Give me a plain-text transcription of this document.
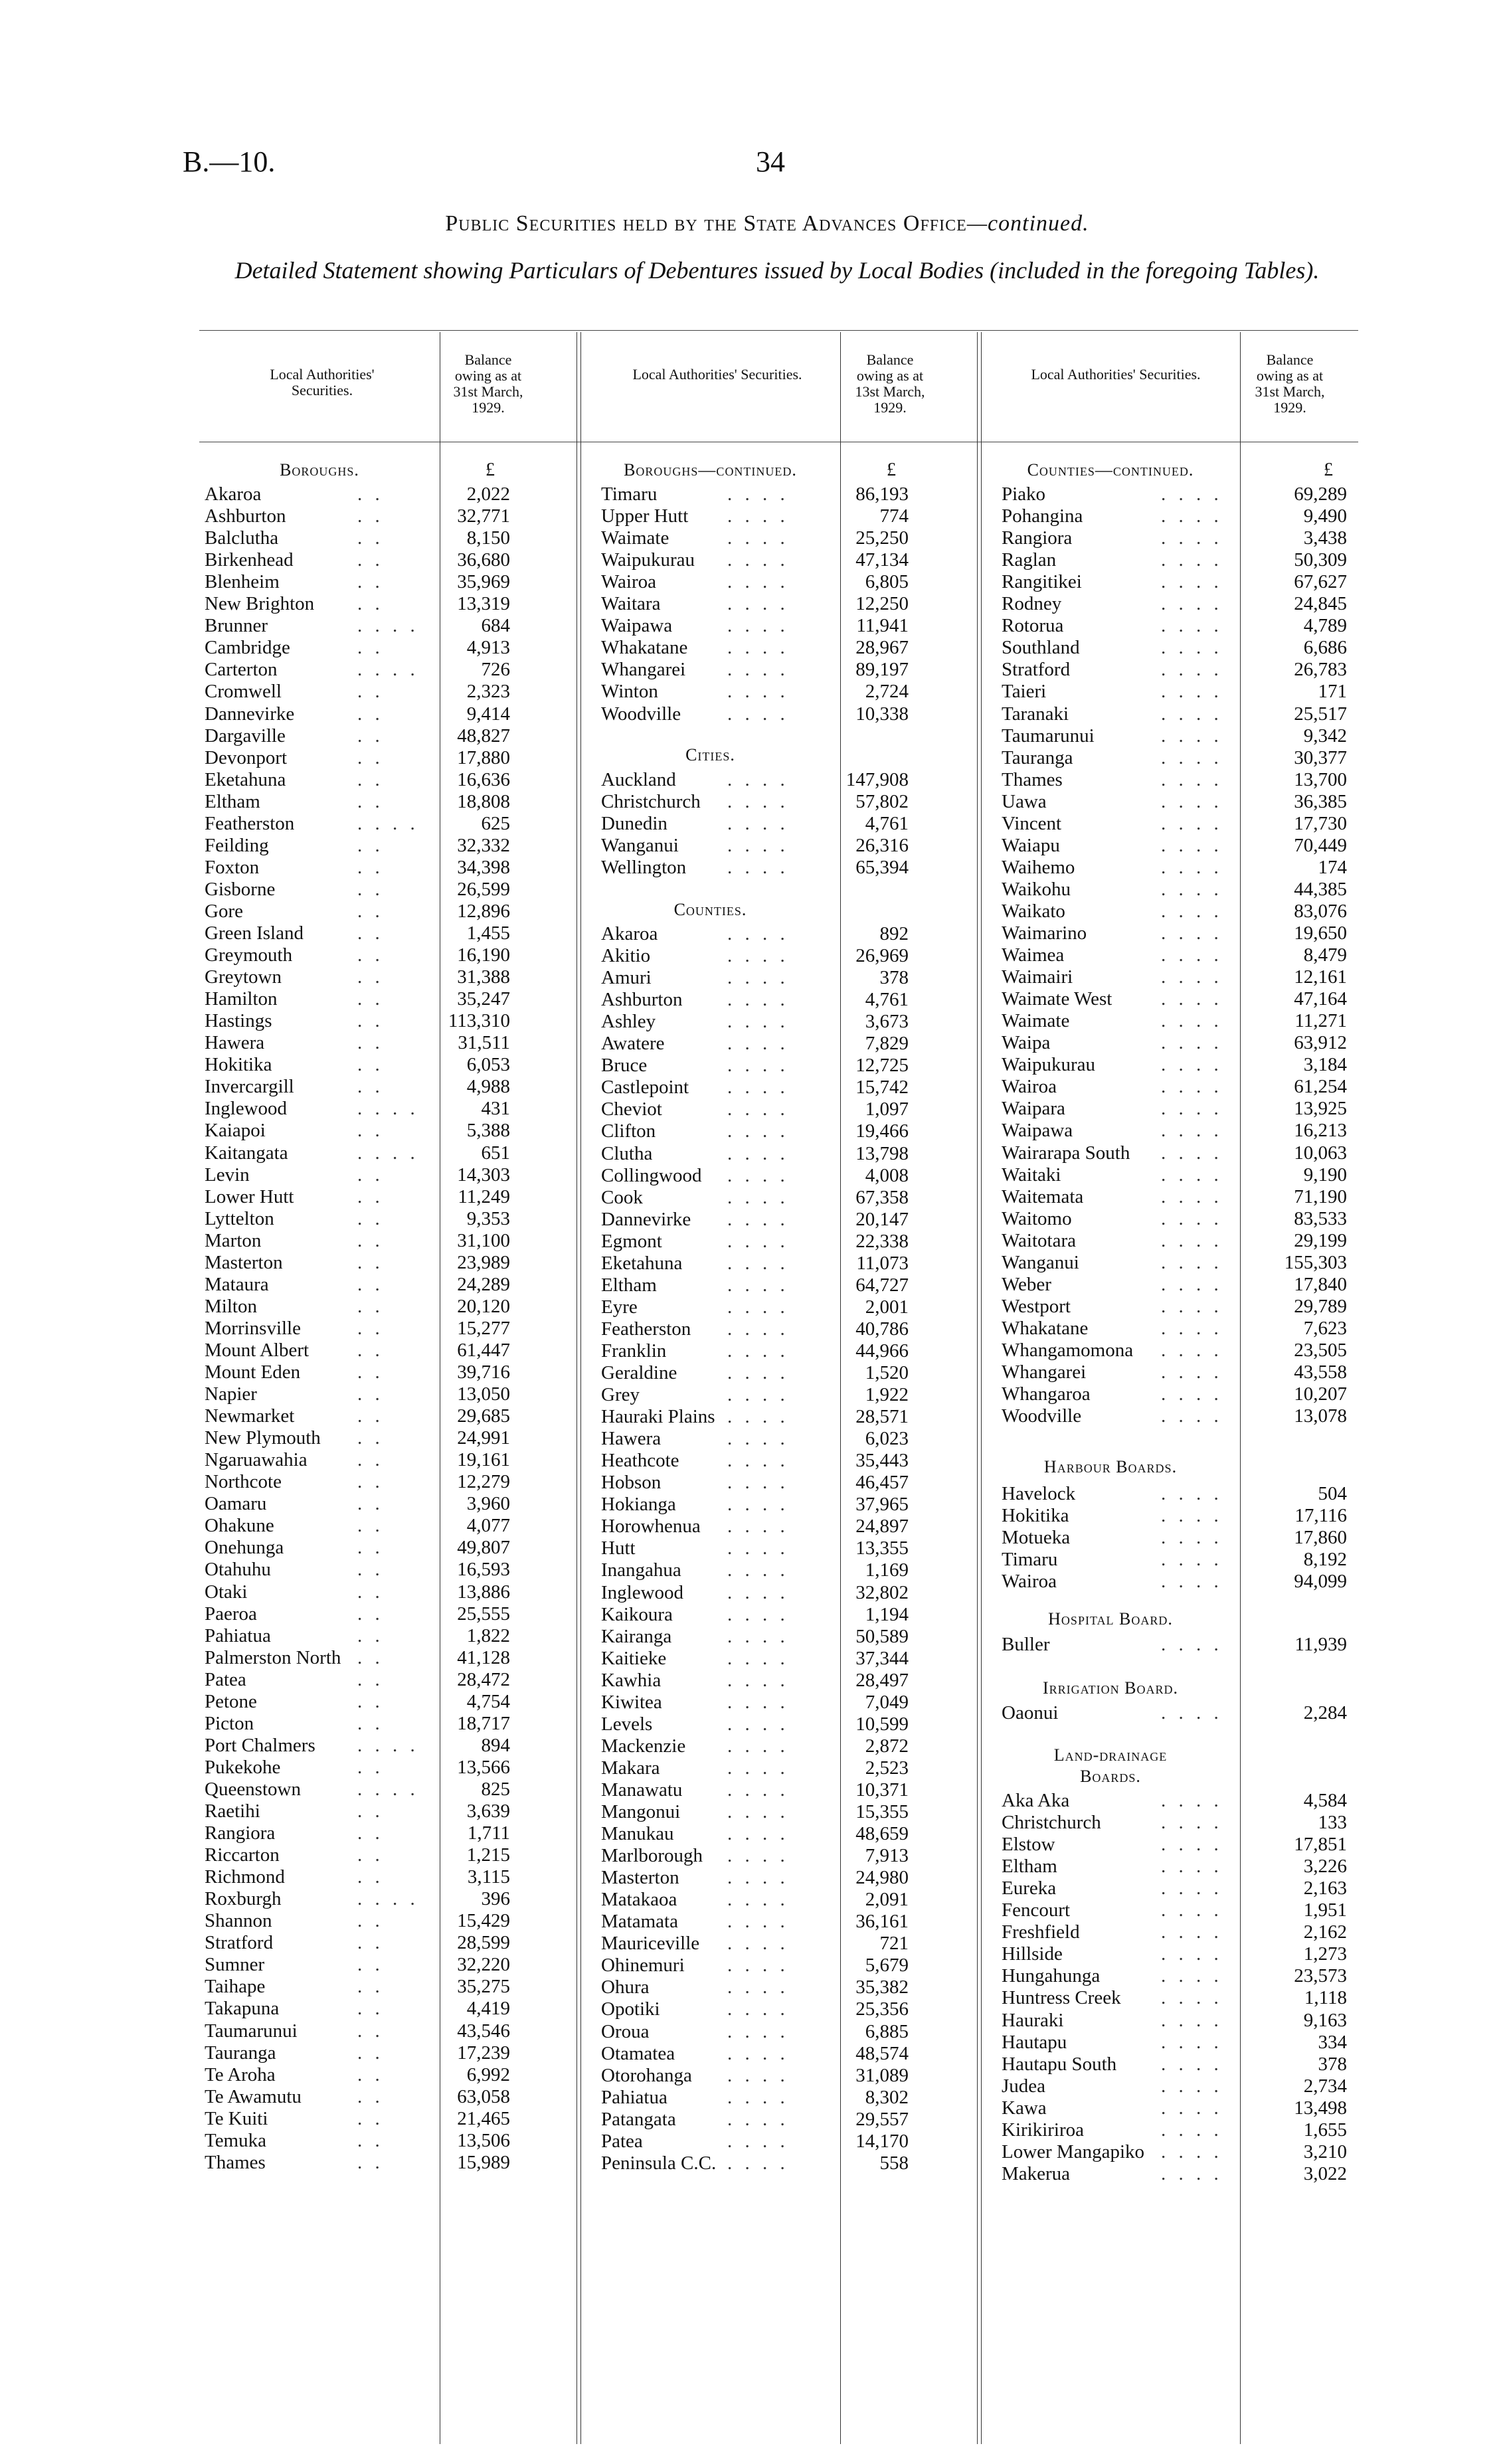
B.—10.	34
Public Securities held by the State Advances Office—continued.
Detailed Statement showing Particulars of Debentures issued by Local Bodies (included in the foregoing Tables).
Local Authorities' Securities.
Balance owing as at 31st March, 1929.
Local Authorities' Securities.
Balance owing as at 13st March, 1929.
Local Authorities' Securities.
Balance owing as at 31st March, 1929.
Boroughs.	Boroughs—continued.
Cities.
Counties.
Counties—continued.
Harbour Boards.
Hospital Board.
Irrigation Board.
Land-drainage
Boards.
£	£	£
Akaroa	. .	2,022
Ashburton	. .	32,771
Balclutha	. .	8,150
Birkenhead	. .	36,680
Blenheim	. .	35,969
New Brighton . .	13,319
Brunner	. . . .	684
Cambridge	. .	4,913
Carterton	. . . .	726
Cromwell	. .	2,323
Dannevirke	. .	9,414
Dargaville	. .	48,827
Devonport	. .	17,880
Eketahuna	. .	16,636
Eltham	. .	18,808
Featherston	. . . .	625
Feilding	. .	32,332
Foxton	. .	34,398
Gisborne	. .	26,599
Gore	. .	12,896
Green Island	. .	1,455
Greymouth	. .	16,190
Greytown	. .	31,388
Hamilton	. .	35,247
Hastings	. .	113,310
Hawera	. .	31,511
Hokitika	. .	6,053
Invercargill	. .	4,988
Inglewood	. . . .	431
Kaiapoi	. .	5,388
Kaitangata	. . . .	651
Levin	. .	14,303
Lower Hutt	. .	11,249
Lyttelton	. .	9,353
Marton	. .	31,100
Masterton	. .	23,989
Mataura	. .	24,289
Milton	. .	20,120
Morrinsville	. .	15,277
Mount Albert	. .	61,447
Mount Eden	. .	39,716
Napier	. .	13,050
Newmarket	. .	29,685
New Plymouth . .	24,991
Ngaruawahia	. .	19,161
Northcote	. .	12,279
Oamaru	. .	3,960
Ohakune	. .	4,077
Onehunga	. .	49,807
Otahuhu	. .	16,593
Otaki	. .	13,886
Paeroa	. .	25,555
Pahiatua	. .	1,822
Palmerston North . .	41,128
Patea	. .	28,472
Petone	. .	4,754
Picton	. .	18,717
Port Chalmers . . . .	894
Pukekohe	. .	13,566
Queenstown	. . . .	825
Raetihi	. .	3,639
Rangiora	. .	1,711
Riccarton	. .	1,215
Richmond	. .	3,115
Roxburgh	. . . .	396
Shannon	. .	15,429
Stratford	. .	28,599
Sumner	. .	32,220
Taihape	. .	35,275
Takapuna	. .	4,419
Taumarunui	. .	43,546
Tauranga	. .	17,239
Te Aroha	. .	6,992
Te Awamutu	. .	63,058
Te Kuiti	. .	21,465
Temuka	. .	13,506
Thames	. .	15,989
Timaru	. . . .	86,193
Upper Hutt . . . .	774
Waimate	. . . .	25,250
Waipukurau . . . .	47,134
Wairoa	. . . .	6,805
Waitara	. . . .	12,250
Waipawa	. . . .	11,941
Whakatane . . . .	28,967
Whangarei . . . .	89,197
Winton	. . . .	2,724
Woodville . . . .	10,338
Auckland	. . . .	147,908
Christchurch . . . .	57,802
Dunedin	. . . .	4,761
Wanganui	. . . .	26,316
Wellington . . . .	65,394
Akaroa	. . . .	892
Akitio	. . . .	26,969
Amuri	. . . .	378
Ashburton . . . .	4,761
Ashley	. . . .	3,673
Awatere	. . . .	7,829
Bruce	. . . .	12,725
Castlepoint . . . .	15,742
Cheviot	. . . .	1,097
Clifton	. . . .	19,466
Clutha	. . . .	13,798
Collingwood . . . .	4,008
Cook	. . . .	67,358
Dannevirke . . . .	20,147
Egmont	. . . .	22,338
Eketahuna . . . .	11,073
Eltham	. . . .	64,727
Eyre	. . . .	2,001
Featherston . . . .	40,786
Franklin	. . . .	44,966
Geraldine	. . . .	1,520
Grey	. . . .	1,922
Hauraki Plains . . . .	28,571
Hawera	. . . .	6,023
Heathcote . . . .	35,443
Hobson	. . . .	46,457
Hokianga	. . . .	37,965
Horowhenua . . . .	24,897
Hutt	. . . .	13,355
Inangahua . . . .	1,169
Inglewood . . . .	32,802
Kaikoura	. . . .	1,194
Kairanga	. . . .	50,589
Kaitieke	. . . .	37,344
Kawhia	. . . .	28,497
Kiwitea	. . . .	7,049
Levels	. . . .	10,599
Mackenzie . . . .	2,872
Makara	. . . .	2,523
Manawatu . . . .	10,371
Mangonui . . . .	15,355
Manukau	. . . .	48,659
Marlborough . . . .	7,913
Masterton . . . .	24,980
Matakaoa	. . . .	2,091
Matamata	. . . .	36,161
Mauriceville . . . .	721
Ohinemuri . . . .	5,679
Ohura	. . . .	35,382
Opotiki	. . . .	25,356
Oroua	. . . .	6,885
Otamatea	. . . .	48,574
Otorohanga . . . .	31,089
Pahiatua	. . . .	8,302
Patangata	. . . .	29,557
Patea	. . . .	14,170
Peninsula C.C. . . . .	558
Piako	. . . .	69,289
Pohangina	. . . .	9,490
Rangiora	. . . .	3,438
Raglan	. . . .	50,309
Rangitikei	. . . .	67,627
Rodney	. . . .	24,845
Rotorua	. . . .	4,789
Southland	. . . .	6,686
Stratford	. . . .	26,783
Taieri	. . . .	171
Taranaki	. . . .	25,517
Taumarunui	. . . .	9,342
Tauranga	. . . .	30,377
Thames	. . . .	13,700
Uawa	. . . .	36,385
Vincent	. . . .	17,730
Waiapu	. . . .	70,449
Waihemo	. . . .	174
Waikohu	. . . .	44,385
Waikato	. . . .	83,076
Waimarino	. . . .	19,650
Waimea	. . . .	8,479
Waimairi	. . . .	12,161
Waimate West	. . . .	47,164
Waimate	. . . .	11,271
Waipa	. . . .	63,912
Waipukurau	. . . .	3,184
Wairoa	. . . .	61,254
Waipara	. . . .	13,925
Waipawa	. . . .	16,213
Wairarapa South . . . .	10,063
Waitaki	. . . .	9,190
Waitemata	. . . .	71,190
Waitomo	. . . .	83,533
Waitotara	. . . .	29,199
Wanganui	. . . .	155,303
Weber	. . . .	17,840
Westport	. . . .	29,789
Whakatane	. . . .	7,623
Whangamomona . . . .	23,505
Whangarei	. . . .	43,558
Whangaroa	. . . .	10,207
Woodville	. . . .	13,078
Havelock	. . . .	504
Hokitika	. . . .	17,116
Motueka	. . . .	17,860
Timaru	. . . .	8,192
Wairoa	. . . .	94,099
Buller	. . . .	11,939
Oaonui	. . . .	2,284
Aka Aka	. . . .	4,584
Christchurch	. . . .	133
Elstow	. . . .	17,851
Eltham	. . . .	3,226
Eureka	. . . .	2,163
Fencourt	. . . .	1,951
Freshfield	. . . .	2,162
Hillside	. . . .	1,273
Hungahunga	. . . .	23,573
Huntress Creek . . . .	1,118
Hauraki	. . . .	9,163
Hautapu	. . . .	334
Hautapu South . . . .	378
Judea	. . . .	2,734
Kawa	. . . .	13,498
Kirikiriroa	. . . .	1,655
Lower Mangapiko . . . .	3,210
Makerua	. . . .	3,022
